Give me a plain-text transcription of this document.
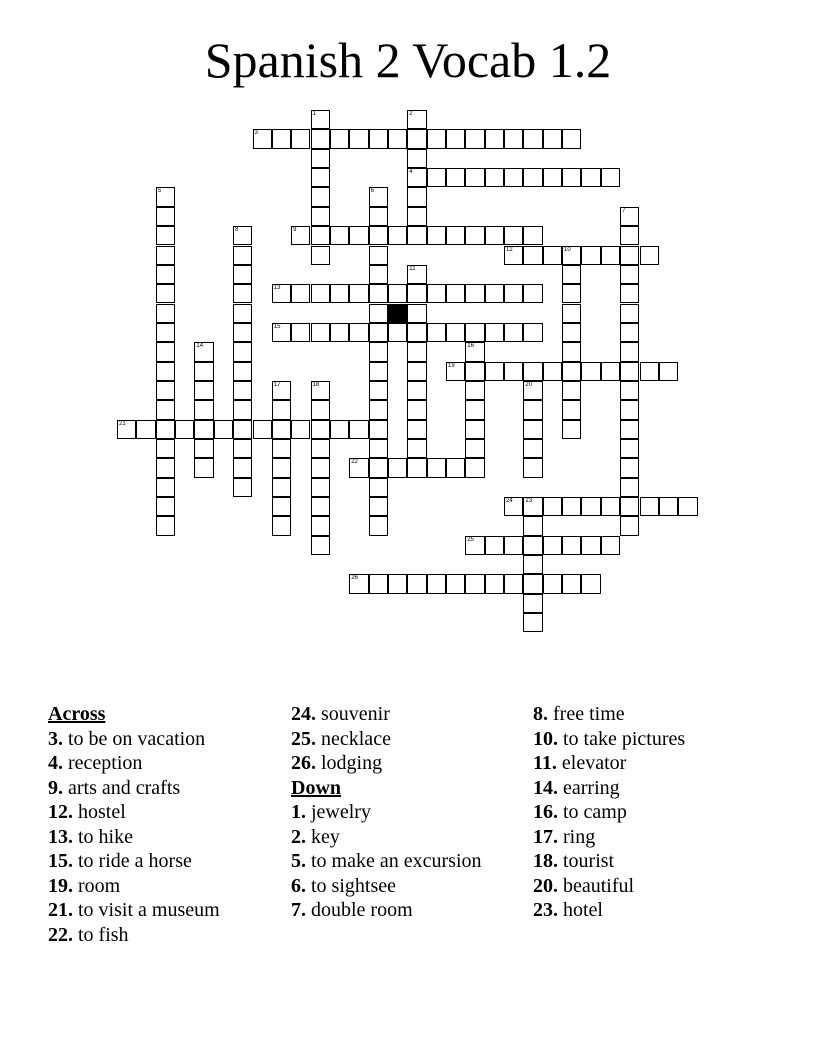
Spanish 2 Vocab 1.2
3
4
9
12	10
13
15
19
21
22
24 23
25
26
1	2
5	6
7
8
11
14	16
17	18	20
Across
3. to be on vacation
4. reception
9. arts and crafts
12. hostel
13. to hike
15. to ride a horse
19. room
21. to visit a museum
22. to fish
24. souvenir
25. necklace
26. lodging
Down
1. jewelry
2. key
5. to make an excursion
6. to sightsee
7. double room
8. free time
10. to take pictures
11. elevator
14. earring
16. to camp
17. ring
18. tourist
20. beautiful
23. hotel
